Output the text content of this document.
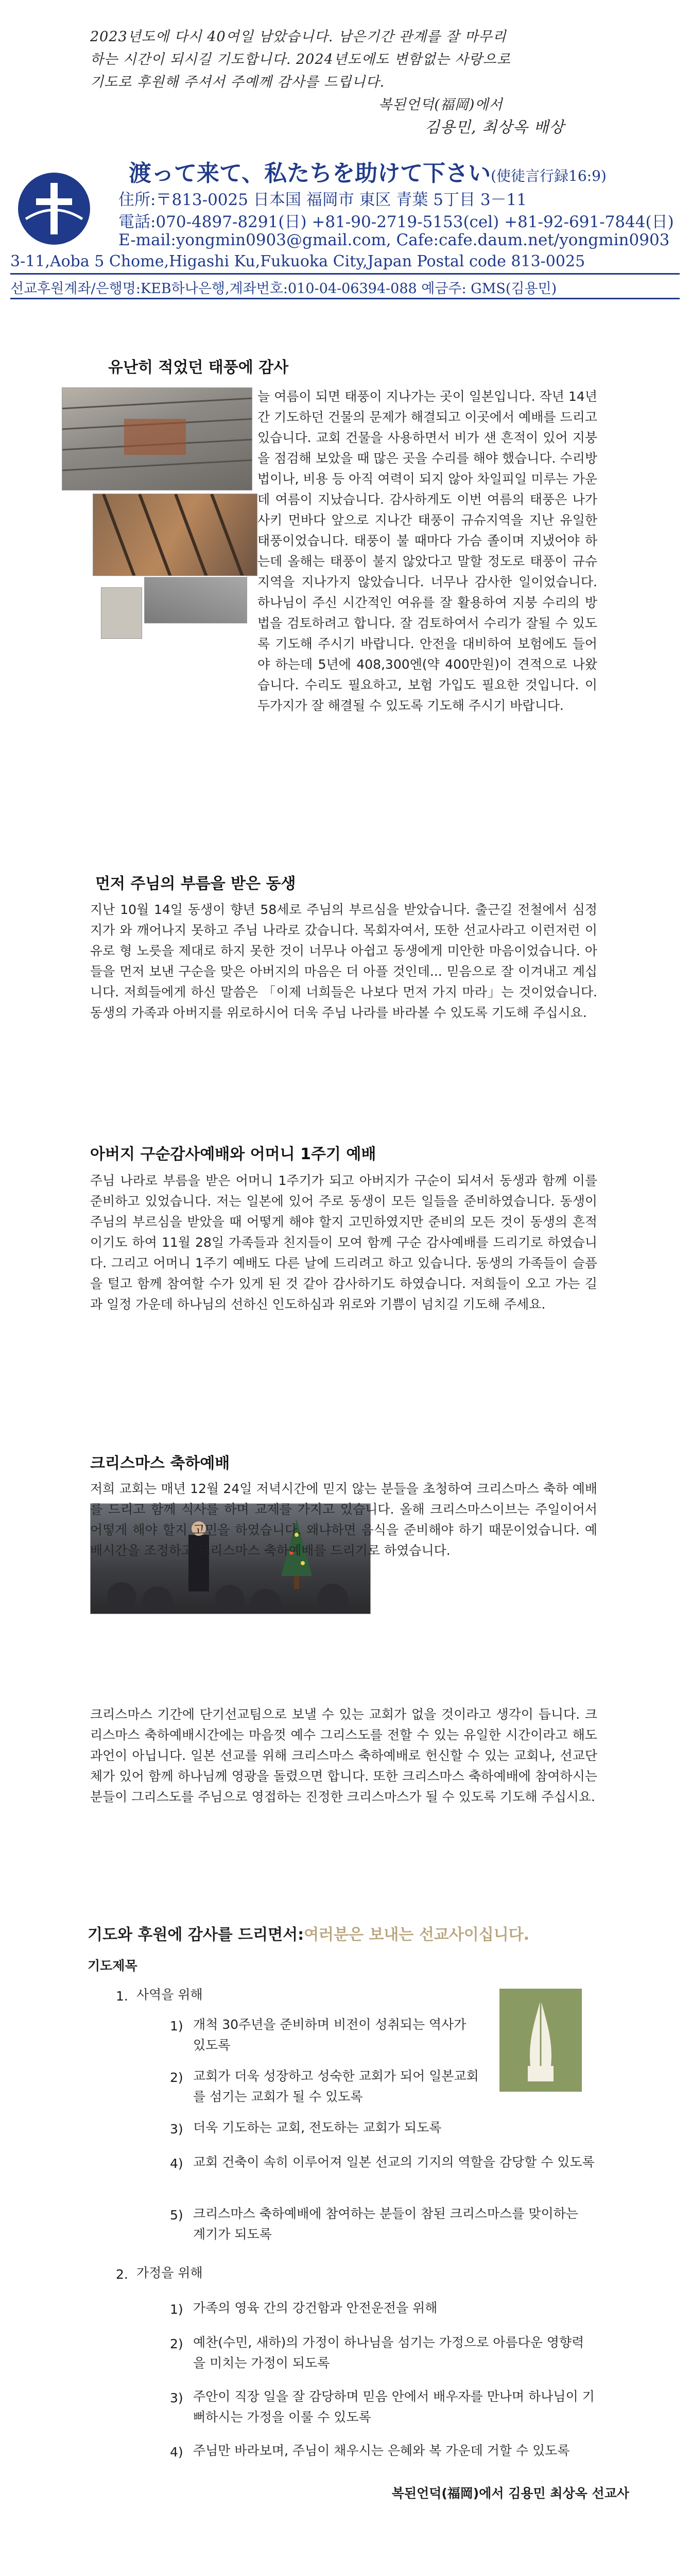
2023년도에 다시 40여일 남았습니다. 남은기간 관계를 잘 마무리
하는 시간이 되시길 기도합니다. 2024년도에도 변함없는 사랑으로
기도로 후원해 주셔서 주예께 감사를 드립니다.
복된언덕(福岡)에서
김용민, 최상옥 배상
渡って来て、私たちを助けて下さい(使徒言行録16:9)
住所:〒813-0025 日本国 福岡市 東区 青葉 5丁目 3－11
電話:070-4897-8291(日) +81-90-2719-5153(cel) +81-92-691-7844(日)
E-mail:yongmin0903@gmail.com, Cafe:cafe.daum.net/yongmin0903
3-11,Aoba 5 Chome,Higashi Ku,Fukuoka City,Japan Postal code 813-0025
선교후원계좌/은행명:KEB하나은행,계좌번호:010-04-06394-088 예금주: GMS(김용민)
유난히 적었던 태풍에 감사
늘 여름이 되면 태풍이 지나가는 곳이 일본입니다. 작년 14년간 기도하던 건물의 문제가 해결되고 이곳에서 예배를 드리고 있습니다. 교회 건물을 사용하면서 비가 샌 흔적이 있어 지붕을 점검해 보았을 때 많은 곳을 수리를 해야 했습니다. 수리방법이나, 비용 등 아직 여력이 되지 않아 차일피일 미루는 가운데 여름이 지났습니다. 감사하게도 이번 여름의 태풍은 나가사키 먼바다 앞으로 지나간 태풍이 규슈지역을 지난 유일한 태풍이었습니다. 태풍이 불 때마다 가슴 졸이며 지냈어야 하는데 올해는 태풍이 불지 않았다고 말할 정도로 태풍이 규슈지역을 지나가지 않았습니다. 너무나 감사한 일이었습니다. 하나님이 주신 시간적인 여유를 잘 활용하여 지붕 수리의 방법을 검토하려고 합니다. 잘 검토하여서 수리가 잘될 수 있도록 기도해 주시기 바랍니다. 안전을 대비하여 보험에도 들어야 하는데 5년에 408,300엔(약 400만원)이 견적으로 나왔습니다. 수리도 필요하고, 보험 가입도 필요한 것입니다. 이 두가지가 잘 해결될 수 있도록 기도해 주시기 바랍니다.
먼저 주님의 부름을 받은 동생
지난 10월 14일 동생이 향년 58세로 주님의 부르심을 받았습니다. 출근길 전철에서 심정지가 와 깨어나지 못하고 주님 나라로 갔습니다. 목회자여서, 또한 선교사라고 이런저런 이유로 형 노릇을 제대로 하지 못한 것이 너무나 아쉽고 동생에게 미안한 마음이었습니다. 아들을 먼저 보낸 구순을 맞은 아버지의 마음은 더 아플 것인데... 믿음으로 잘 이겨내고 계십니다. 저희들에게 하신 말씀은 「이제 너희들은 나보다 먼저 가지 마라」는 것이었습니다. 동생의 가족과 아버지를 위로하시어 더욱 주님 나라를 바라볼 수 있도록 기도해 주십시요.
아버지 구순감사예배와 어머니 1주기 예배
주님 나라로 부름을 받은 어머니 1주기가 되고 아버지가 구순이 되셔서 동생과 함께 이를 준비하고 있었습니다. 저는 일본에 있어 주로 동생이 모든 일들을 준비하였습니다. 동생이 주님의 부르심을 받았을 때 어떻게 해야 할지 고민하였지만 준비의 모든 것이 동생의 흔적이기도 하여 11월 28일 가족들과 친지들이 모여 함께 구순 감사예배를 드리기로 하였습니다. 그리고 어머니 1주기 예배도 다른 날에 드리려고 하고 있습니다. 동생의 가족들이 슬픔을 털고 함께 참여할 수가 있게 된 것 같아 감사하기도 하였습니다. 저희들이 오고 가는 길과 일정 가운데 하나님의 선하신 인도하심과 위로와 기쁨이 넘치길 기도해 주세요.
크리스마스 축하예배
저희 교회는 매년 12월 24일 저녁시간에 믿지 않는 분들을 초청하여 크리스마스 축하 예배를 드리고 함께 식사를 하며 교제를 가지고 있습니다. 올해 크리스마스이브는 주일이어서 어떻게 해야 할지 고민을 하였습니다. 왜냐하면 음식을 준비해야 하기 때문이었습니다. 예배시간을 조정하고 크리스마스 축하예배를 드리기로 하였습니다.
크리스마스 기간에 단기선교팀으로 보낼 수 있는 교회가 없을 것이라고 생각이 듭니다. 크리스마스 축하예배시간에는 마음껏 예수 그리스도를 전할 수 있는 유일한 시간이라고 해도 과언이 아닙니다. 일본 선교를 위해 크리스마스 축하예배로 헌신할 수 있는 교회나, 선교단체가 있어 함께 하나님께 영광을 돌렸으면 합니다. 또한 크리스마스 축하예배에 참여하시는 분들이 그리스도를 주님으로 영접하는 진정한 크리스마스가 될 수 있도록 기도해 주십시요.
기도와 후원에 감사를 드리면서:여러분은 보내는 선교사이십니다.
기도제목
1. 사역을 위해
1) 개척 30주년을 준비하며 비전이 성취되는 역사가 있도록
2) 교회가 더욱 성장하고 성숙한 교회가 되어 일본교회를 섬기는 교회가 될 수 있도록
3) 더욱 기도하는 교회, 전도하는 교회가 되도록
4) 교회 건축이 속히 이루어져 일본 선교의 기지의 역할을 감당할 수 있도록
5) 크리스마스 축하예배에 참여하는 분들이 참된 크리스마스를 맞이하는 계기가 되도록
2. 가정을 위해
1) 가족의 영육 간의 강건함과 안전운전을 위해
2) 예찬(수민, 새하)의 가정이 하나님을 섬기는 가정으로 아름다운 영향력을 미치는 가정이 되도록
3) 주안이 직장 일을 잘 감당하며 믿음 안에서 배우자를 만나며 하나님이 기뻐하시는 가정을 이룰 수 있도록
4) 주님만 바라보며, 주님이 채우시는 은혜와 복 가운데 거할 수 있도록
복된언덕(福岡)에서 김용민 최상옥 선교사
